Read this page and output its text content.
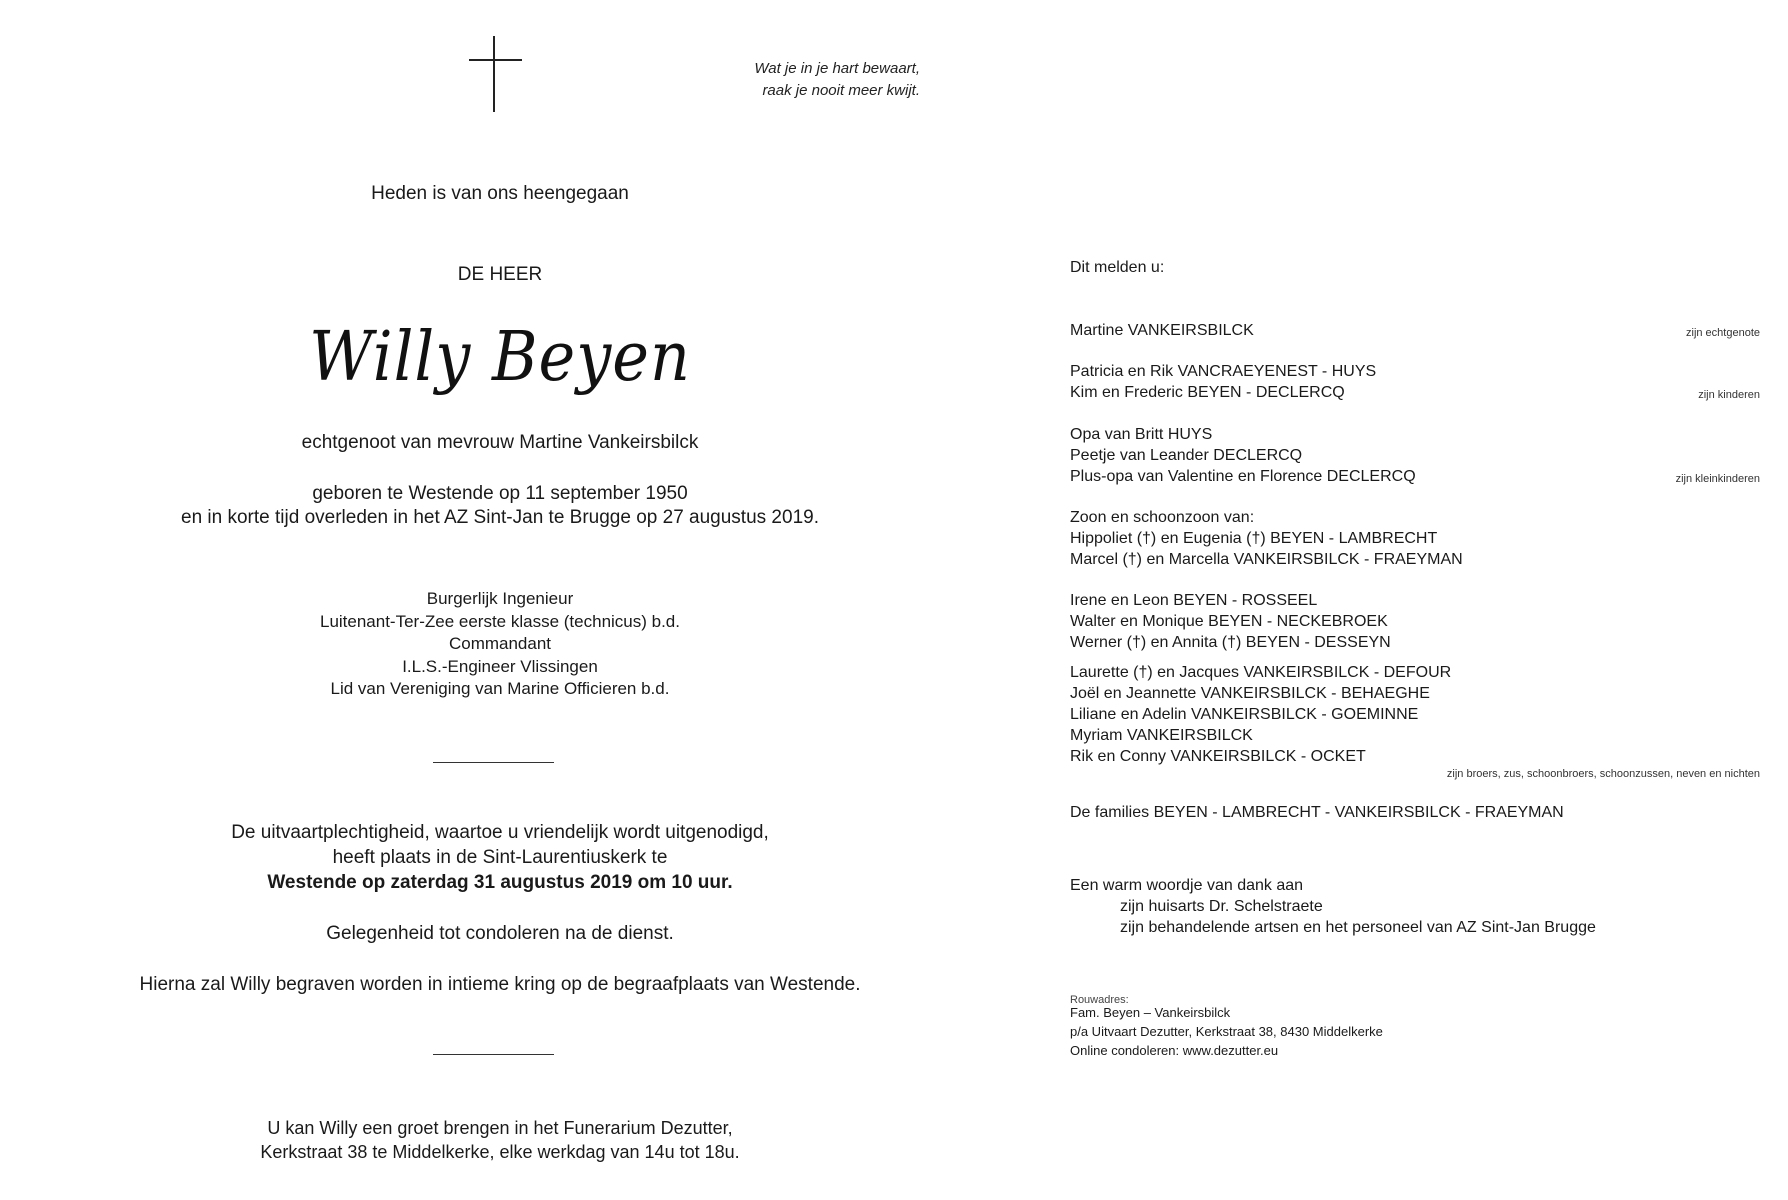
Wat je in je hart bewaart,
raak je nooit meer kwijt.
Heden is van ons heengegaan
DE HEER
Willy Beyen
echtgenoot van mevrouw Martine Vankeirsbilck
geboren te Westende op 11 september 1950
en in korte tijd overleden in het AZ Sint-Jan te Brugge op 27 augustus 2019.
Burgerlijk Ingenieur
Luitenant-Ter-Zee eerste klasse (technicus) b.d.
Commandant
I.L.S.-Engineer Vlissingen
Lid van Vereniging van Marine Officieren b.d.
De uitvaartplechtigheid, waartoe u vriendelijk wordt uitgenodigd,
heeft plaats in de Sint-Laurentiuskerk te
Westende op zaterdag 31 augustus 2019 om 10 uur.
Gelegenheid tot condoleren na de dienst.
Hierna zal Willy begraven worden in intieme kring op de begraafplaats van Westende.
U kan Willy een groet brengen in het Funerarium Dezutter,
Kerkstraat 38 te Middelkerke, elke werkdag van 14u tot 18u.
Dit melden u:
Martine VANKEIRSBILCK	zijn echtgenote
Patricia en Rik VANCRAEYENEST - HUYS
Kim en Frederic BEYEN - DECLERCQ	zijn kinderen
Opa van Britt HUYS
Peetje van Leander DECLERCQ
Plus-opa van Valentine en Florence DECLERCQ	zijn kleinkinderen
Zoon en schoonzoon van:
Hippoliet (†) en Eugenia (†) BEYEN - LAMBRECHT
Marcel (†) en Marcella VANKEIRSBILCK - FRAEYMAN
Irene en Leon BEYEN - ROSSEEL
Walter en Monique BEYEN - NECKEBROEK
Werner (†) en Annita (†) BEYEN - DESSEYN
Laurette (†) en Jacques VANKEIRSBILCK - DEFOUR
Joël en Jeannette VANKEIRSBILCK - BEHAEGHE
Liliane en Adelin VANKEIRSBILCK - GOEMINNE
Myriam VANKEIRSBILCK
Rik en Conny VANKEIRSBILCK - OCKET
zijn broers, zus, schoonbroers, schoonzussen, neven en nichten
De families BEYEN - LAMBRECHT - VANKEIRSBILCK - FRAEYMAN
Een warm woordje van dank aan
zijn huisarts Dr. Schelstraete
zijn behandelende artsen en het personeel van AZ Sint-Jan Brugge
Rouwadres:
Fam. Beyen – Vankeirsbilck
p/a Uitvaart Dezutter, Kerkstraat 38, 8430 Middelkerke
Online condoleren: www.dezutter.eu
